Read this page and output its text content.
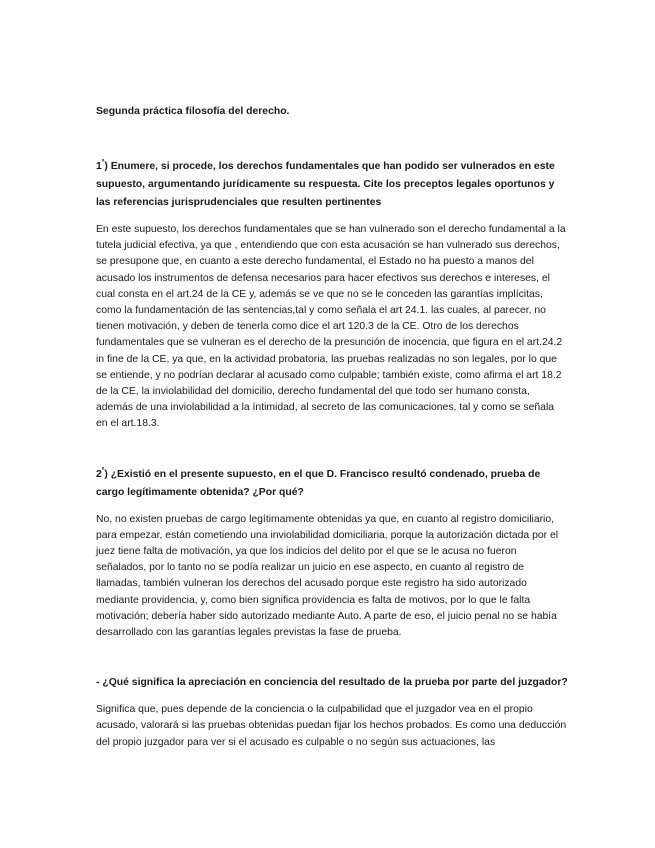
Segunda práctica filosofía del derecho.

$1^º$) Enumere, si procede, los derechos fundamentales que han podido ser vulnerados en este supuesto, argumentando jurídicamente su respuesta. Cite los preceptos legales oportunos y las referencias jurisprudenciales que resulten pertinentes

En este supuesto, los derechos fundamentales que se han vulnerado son el derecho fundamental a la tutela judicial efectiva, ya que , entendiendo que con esta acusación se han vulnerado sus derechos, se presupone que, en cuanto a este derecho fundamental, el Estado no ha puesto a manos del acusado los instrumentos de defensa necesarios para hacer efectivos sus derechos e intereses, el cual consta en el art.24 de la CE y, además se ve que no se le conceden las garantías implícitas, como la fundamentación de las sentencias,tal y como señala el art 24.1. las cuales, al parecer, no tienen motivación, y deben de tenerla como dice el art 120.3 de la CE. Otro de los derechos fundamentales que se vulneran es el derecho de la presunción de inocencia, que figura en el art.24.2 in fine de la CE, ya que, en la actividad probatoria, las pruebas realizadas no son legales, por lo que se entiende, y no podrían declarar al acusado como culpable; también existe, como afirma el art 18.2 de la CE, la inviolabilidad del domicilio, derecho fundamental del que todo ser humano consta, además de una inviolabilidad a la íntimidad, al secreto de las comunicaciones, tal y como se señala en el art.18.3.

$2^º$) ¿Existió en el presente supuesto, en el que D. Francisco resultó condenado, prueba de cargo legítimamente obtenida? ¿Por qué?

No, no existen pruebas de cargo legítimamente obtenidas ya que, en cuanto al registro domiciliario, para empezar, están cometiendo una inviolabilidad domiciliaria, porque la autorización dictada por el juez tiene falta de motivación, ya que los indicios del delito por el que se le acusa no fueron señalados, por lo tanto no se podía realizar un juicio en ese aspecto, en cuanto al registro de llamadas, también vulneran los derechos del acusado porque este registro ha sido autorizado mediante providencia, y, como bien significa providencia es falta de motivos, por lo que le falta motivación; debería haber sido autorizado mediante Auto. A parte de eso, el juicio penal no se había desarrollado con las garantías legales previstas la fase de prueba.

- ¿Qué significa la apreciación en conciencia del resultado de la prueba por parte del juzgador?

Significa que, pues depende de la conciencia o la culpabilidad que el juzgador vea en el propio acusado, valorará si las pruebas obtenidas puedan fijar los hechos probados. Es como una deducción del propio juzgador para ver si el acusado es culpable o no según sus actuaciones, las
